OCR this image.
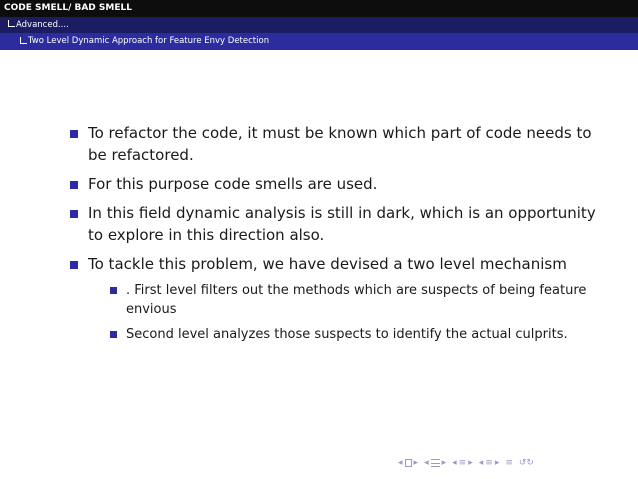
CODE SMELL/ BAD SMELL
Advanced....
Two Level Dynamic Approach for Feature Envy Detection
To refactor the code, it must be known which part of code needs to be refactored.
For this purpose code smells are used.
In this field dynamic analysis is still in dark, which is an opportunity to explore in this direction also.
To tackle this problem, we have devised a two level mechanism
. First level filters out the methods which are suspects of being feature envious
Second level analyzes those suspects to identify the actual culprits.
◂ ▸ ◂ ▸ ◂ ≡ ▸ ◂ ≡ ▸ ≡ ↺↻
